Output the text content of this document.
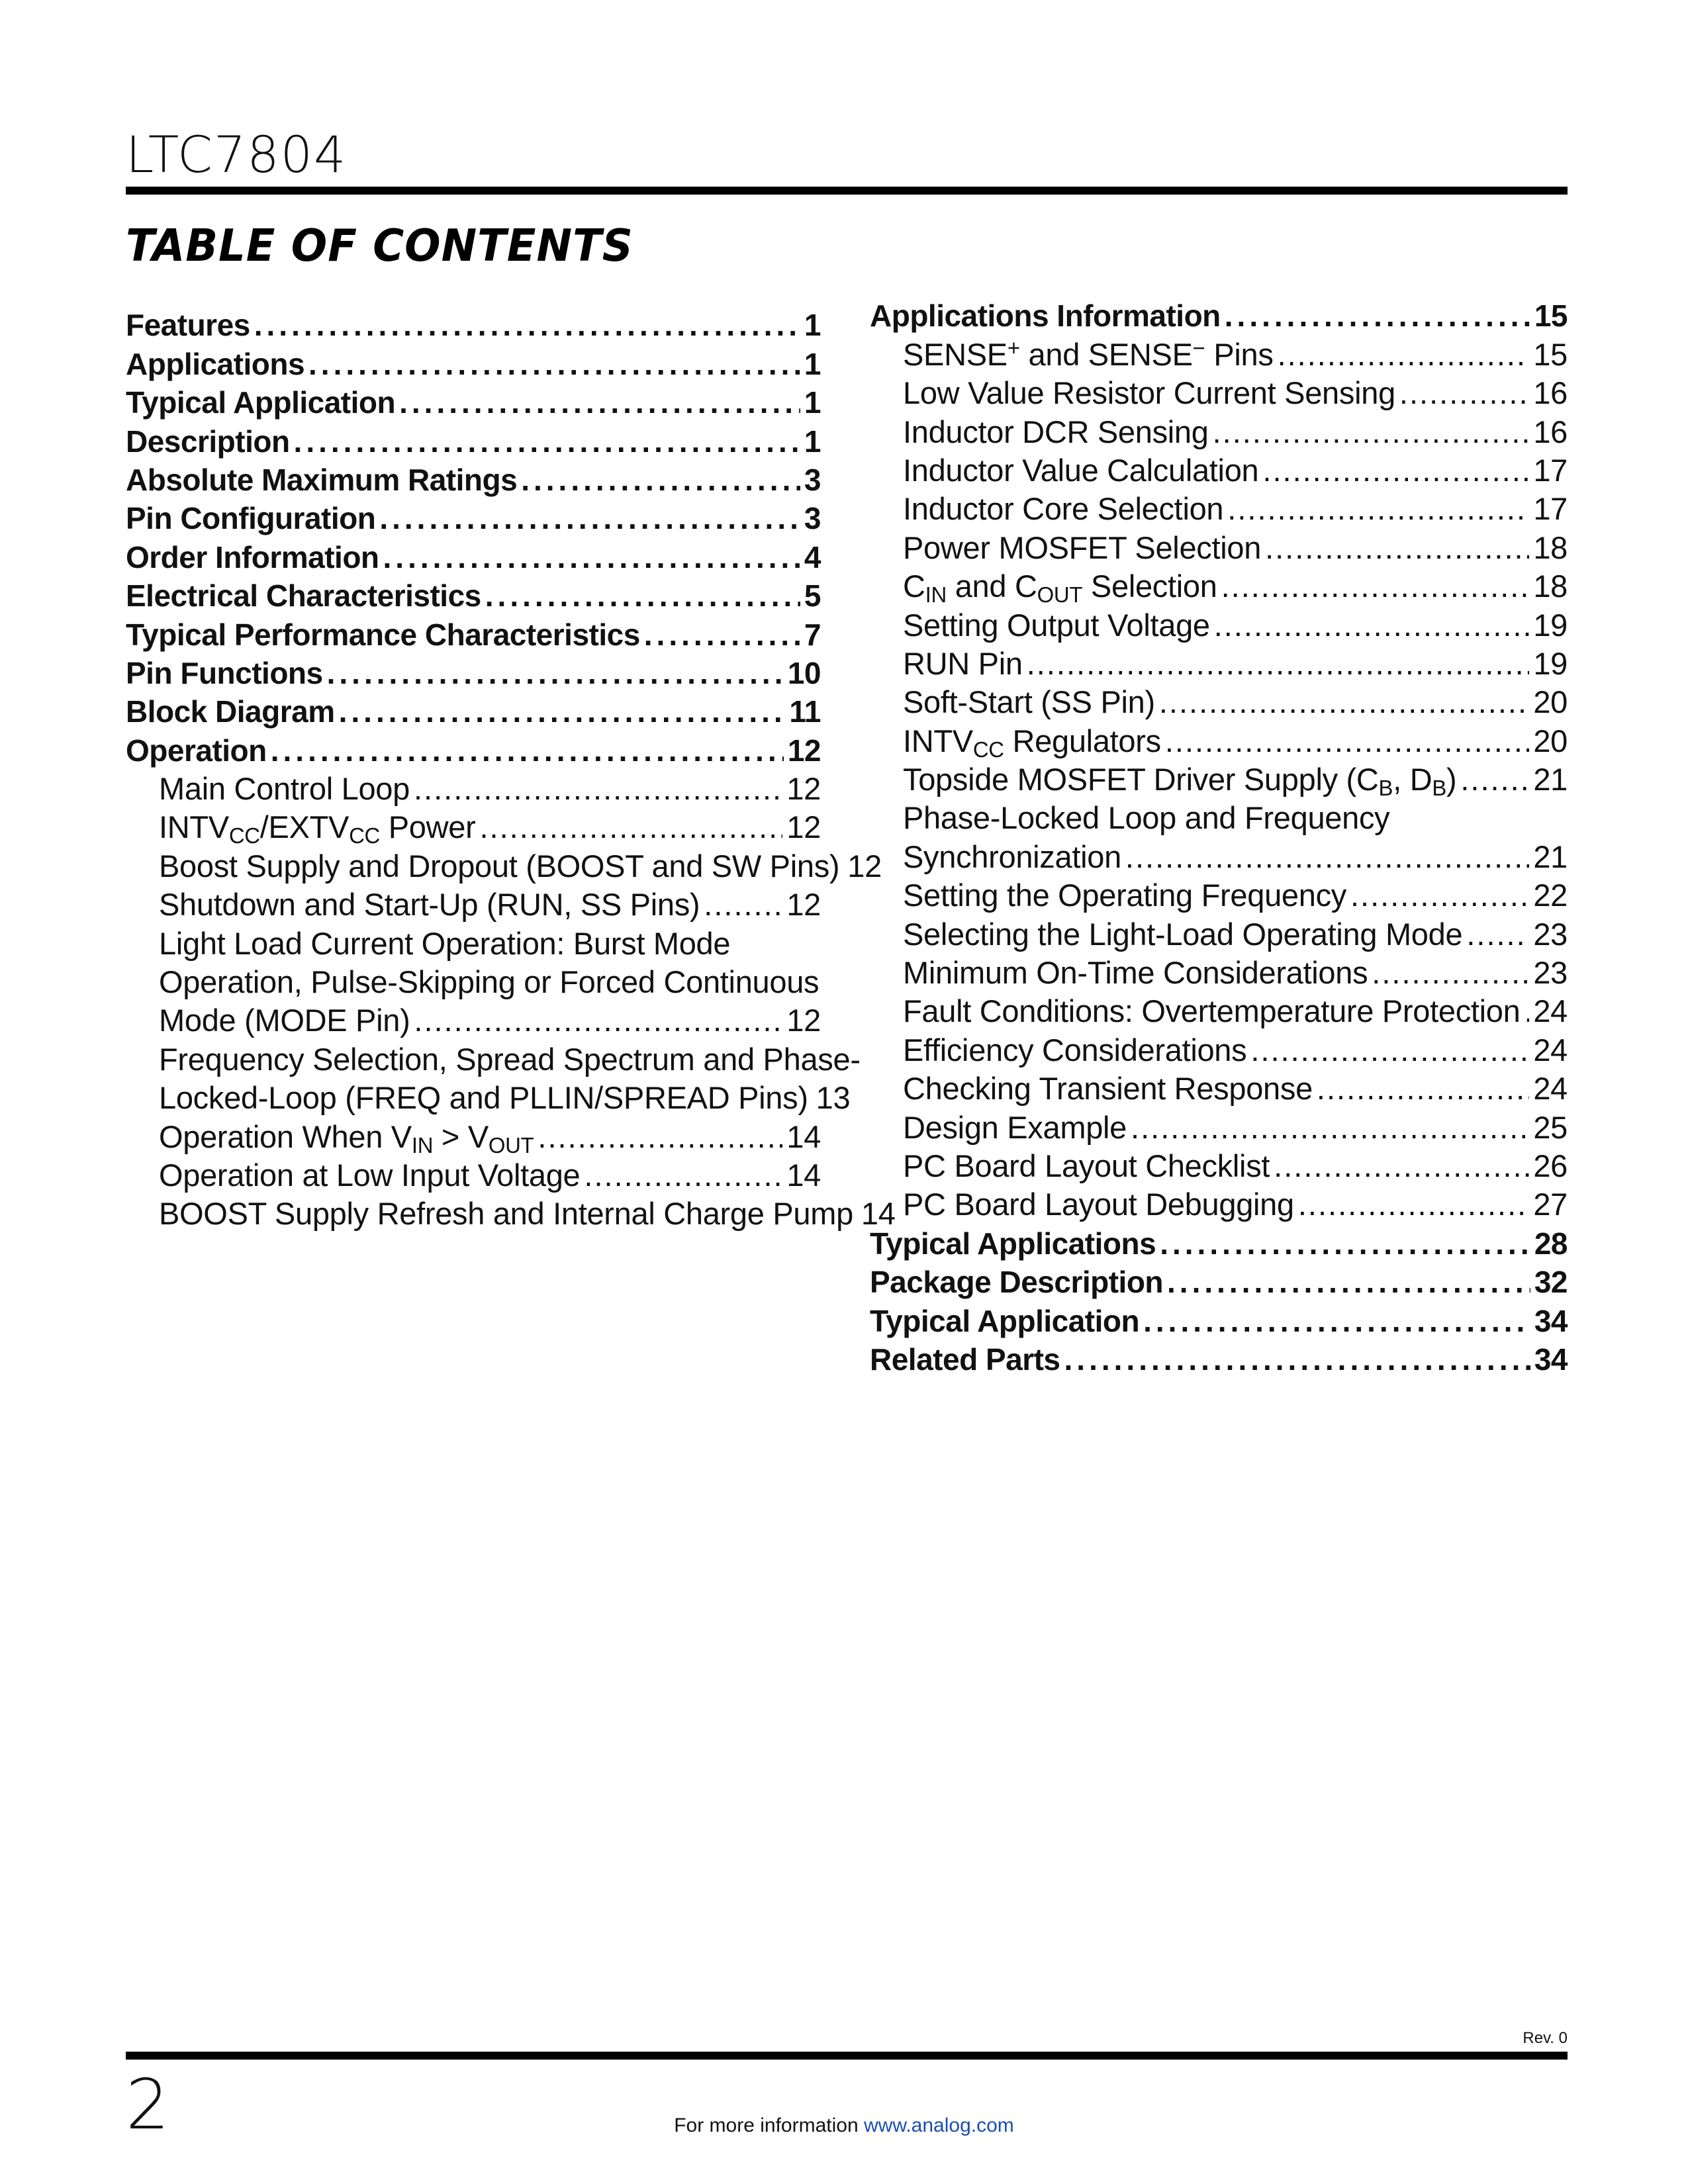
LTC7804
TABLE OF CONTENTS
Features .....	1
Applications .....	1
Typical Application .....	1
Description .....	1
Absolute Maximum Ratings .....	3
Pin Configuration .....	3
Order Information .....	4
Electrical Characteristics .....	5
Typical Performance Characteristics .....	7
Pin Functions .....	10
Block Diagram .....	11
Operation .....	12
Main Control Loop .....	12
$INTV_{CC}/EXTV_{CC}$ Power .....	12
Boost Supply and Dropout (BOOST and SW Pins) 12
Shutdown and Start-Up (RUN, SS Pins) .....	12
Light Load Current Operation: Burst Mode
Operation, Pulse-Skipping or Forced Continuous
Mode (MODE Pin) .....	12
Frequency Selection, Spread Spectrum and Phase-
Locked-Loop (FREQ and PLLIN/SPREAD Pins) 13
Operation When $V_{IN} > V_{OUT}$ .....	14
Operation at Low Input Voltage .....	14
BOOST Supply Refresh and Internal Charge Pump 14
Applications Information .....	15
SENSE+ and SENSE− Pins .....	15
Low Value Resistor Current Sensing .....	16
Inductor DCR Sensing .....	16
Inductor Value Calculation .....	17
Inductor Core Selection .....	17
Power MOSFET Selection .....	18
$C_{IN}$ and $C_{OUT}$ Selection .....	18
Setting Output Voltage .....	19
RUN Pin .....	19
Soft-Start (SS Pin) .....	20
$INTV_{CC}$ Regulators .....	20
Topside MOSFET Driver Supply ($C_B$, $D_B$) ..... 21
Phase-Locked Loop and Frequency
Synchronization .....	21
Setting the Operating Frequency .....	22
Selecting the Light-Load Operating Mode ..... 23
Minimum On-Time Considerations .....	23
Fault Conditions: Overtemperature Protection ..... 24
Efficiency Considerations .....	24
Checking Transient Response .....	24
Design Example .....	25
PC Board Layout Checklist .....	26
PC Board Layout Debugging .....	27
Typical Applications .....	28
Package Description .....	32
Typical Application .....	34
Related Parts .....	34
Rev. 0
2	For more information www.analog.com
